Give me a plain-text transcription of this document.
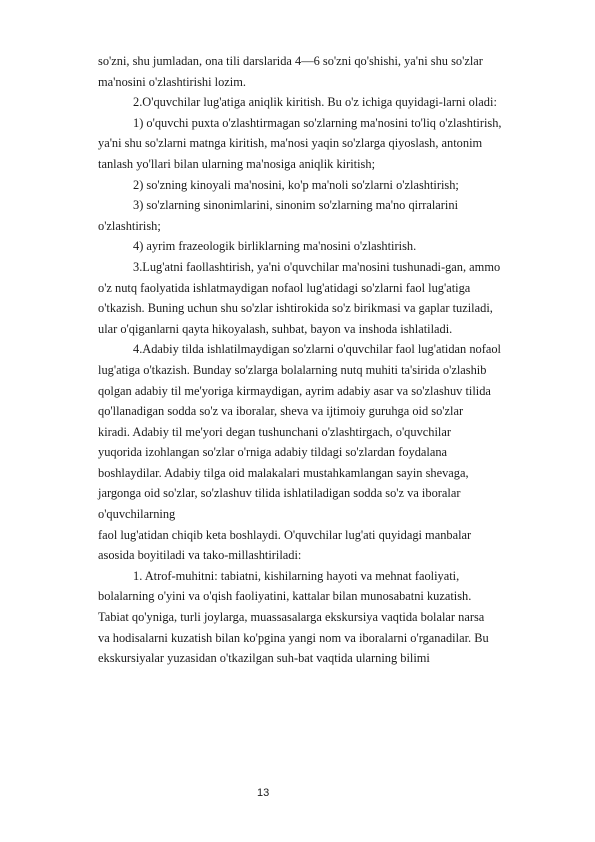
so'zni, shu jumladan, ona tili darslarida 4—6 so'zni qo'shishi, ya'ni shu so'zlar
ma'nosini o'zlashtirishi lozim.
2.O'quvchilar lug'atiga aniqlik kiritish. Bu o'z ichiga quyidagi-larni oladi:
1) o'quvchi puxta o'zlashtirmagan so'zlarning ma'nosini to'liq o'zlashtirish,
ya'ni shu so'zlarni matnga kiritish, ma'nosi yaqin so'zlarga qiyoslash, antonim
tanlash yo'llari bilan ularning ma'nosiga aniqlik kiritish;
2) so'zning kinoyali ma'nosini, ko'p ma'noli so'zlarni o'zlashtirish;
3) so'zlarning sinonimlarini, sinonim so'zlarning ma'no qirralarini
o'zlashtirish;
4) ayrim frazeologik birliklarning ma'nosini o'zlashtirish.
3.Lug'atni faollashtirish, ya'ni o'quvchilar ma'nosini tushunadi-gan, ammo
o'z nutq faolyatida ishlatmaydigan nofaol lug'atidagi so'zlarni faol lug'atiga
o'tkazish. Buning uchun shu so'zlar ishtirokida so'z birikmasi va gaplar tuziladi,
ular o'qiganlarni qayta hikoyalash, suhbat, bayon va inshoda ishlatiladi.
4.Adabiy tilda ishlatilmaydigan so'zlarni o'quvchilar faol lug'atidan nofaol
lug'atiga o'tkazish. Bunday so'zlarga bolalarning nutq muhiti ta'sirida o'zlashib
qolgan adabiy til me'yoriga kirmaydigan, ayrim adabiy asar va so'zlashuv tilida
qo'llanadigan sodda so'z va iboralar, sheva va ijtimoiy guruhga oid so'zlar
kiradi. Adabiy til me'yori degan tushunchani o'zlashtirgach, o'quvchilar
yuqorida izohlangan so'zlar o'rniga adabiy tildagi so'zlardan foydalana
boshlaydilar. Adabiy tilga oid malakalari mustahkamlangan sayin shevaga,
jargonga oid so'zlar, so'zlashuv tilida ishlatiladigan sodda so'z va iboralar
o'quvchilarning
faol lug'atidan chiqib keta boshlaydi. O'quvchilar lug'ati quyidagi manbalar
asosida boyitiladi va tako-millashtiriladi:
1. Atrof-muhitni: tabiatni, kishilarning hayoti va mehnat faoliyati,
bolalarning o'yini va o'qish faoliyatini, kattalar bilan munosabatni kuzatish.
Tabiat qo'yniga, turli joylarga, muassasalarga ekskursiya vaqtida bolalar narsa
va hodisalarni kuzatish bilan ko'pgina yangi nom va iboralarni o'rganadilar. Bu
ekskursiyalar yuzasidan o'tkazilgan suh-bat vaqtida ularning bilimi
13
